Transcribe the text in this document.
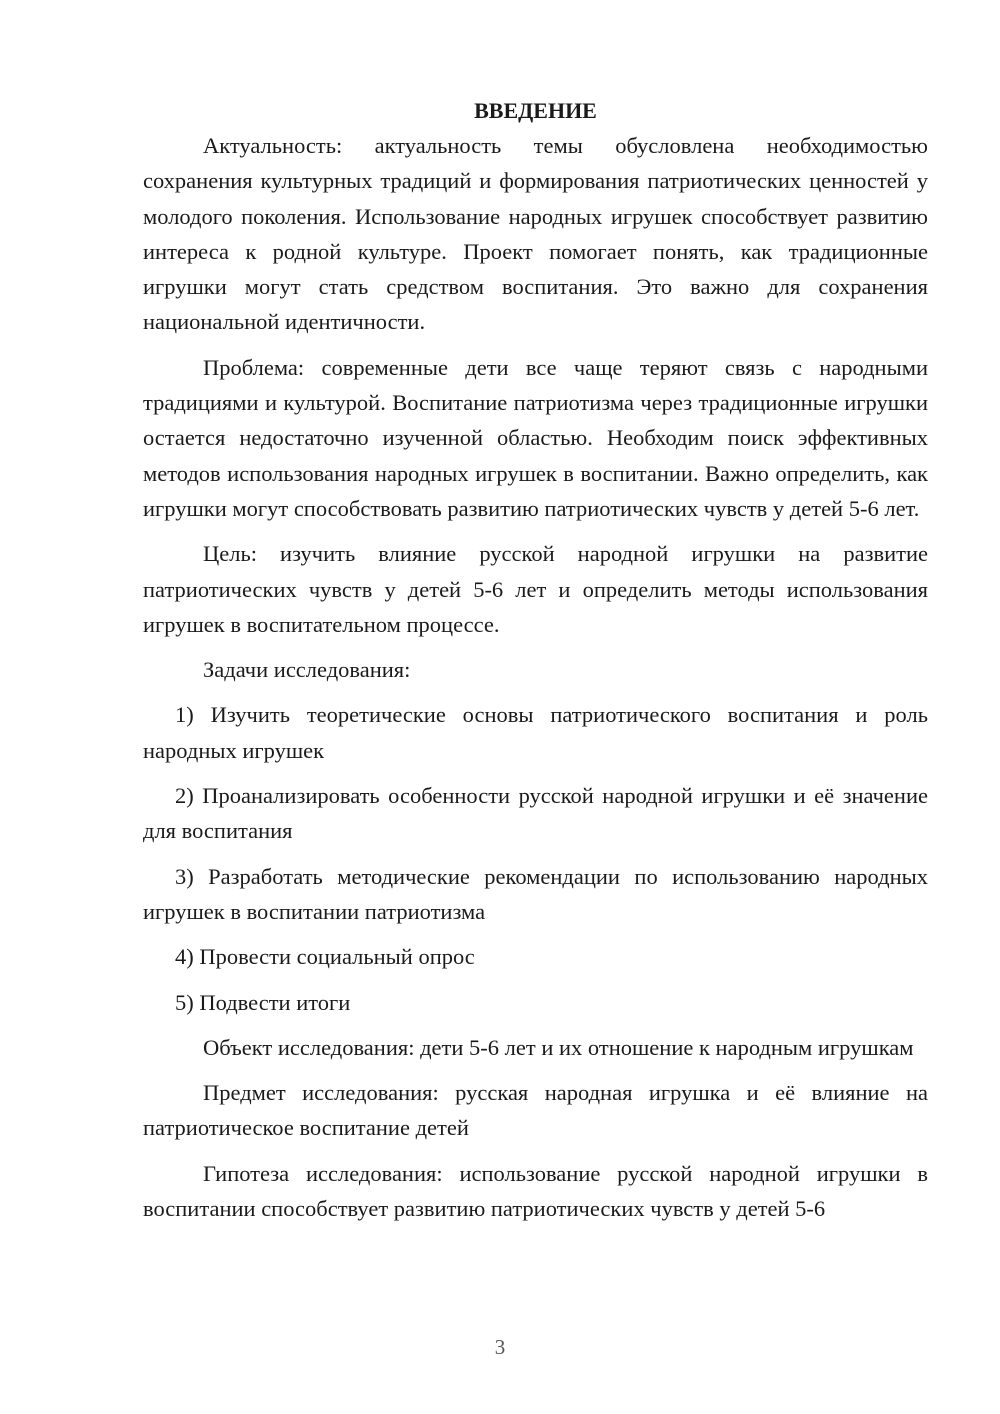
ВВЕДЕНИЕ

Актуальность: актуальность темы обусловлена необходимостью сохранения культурных традиций и формирования патриотических ценностей у молодого поколения. Использование народных игрушек способствует развитию интереса к родной культуре. Проект помогает понять, как традиционные игрушки могут стать средством воспитания. Это важно для сохранения национальной идентичности.

Проблема: современные дети все чаще теряют связь с народными традициями и культурой. Воспитание патриотизма через традиционные игрушки остается недостаточно изученной областью. Необходим поиск эффективных методов использования народных игрушек в воспитании. Важно определить, как игрушки могут способствовать развитию патриотических чувств у детей 5-6 лет.

Цель: изучить влияние русской народной игрушки на развитие патриотических чувств у детей 5-6 лет и определить методы использования игрушек в воспитательном процессе.

Задачи исследования:

1) Изучить теоретические основы патриотического воспитания и роль народных игрушек

2) Проанализировать особенности русской народной игрушки и её значение для воспитания

3) Разработать методические рекомендации по использованию народных игрушек в воспитании патриотизма

4) Провести социальный опрос

5) Подвести итоги

Объект исследования: дети 5-6 лет и их отношение к народным игрушкам

Предмет исследования: русская народная игрушка и её влияние на патриотическое воспитание детей

Гипотеза исследования: использование русской народной игрушки в воспитании способствует развитию патриотических чувств у детей 5-6

3
